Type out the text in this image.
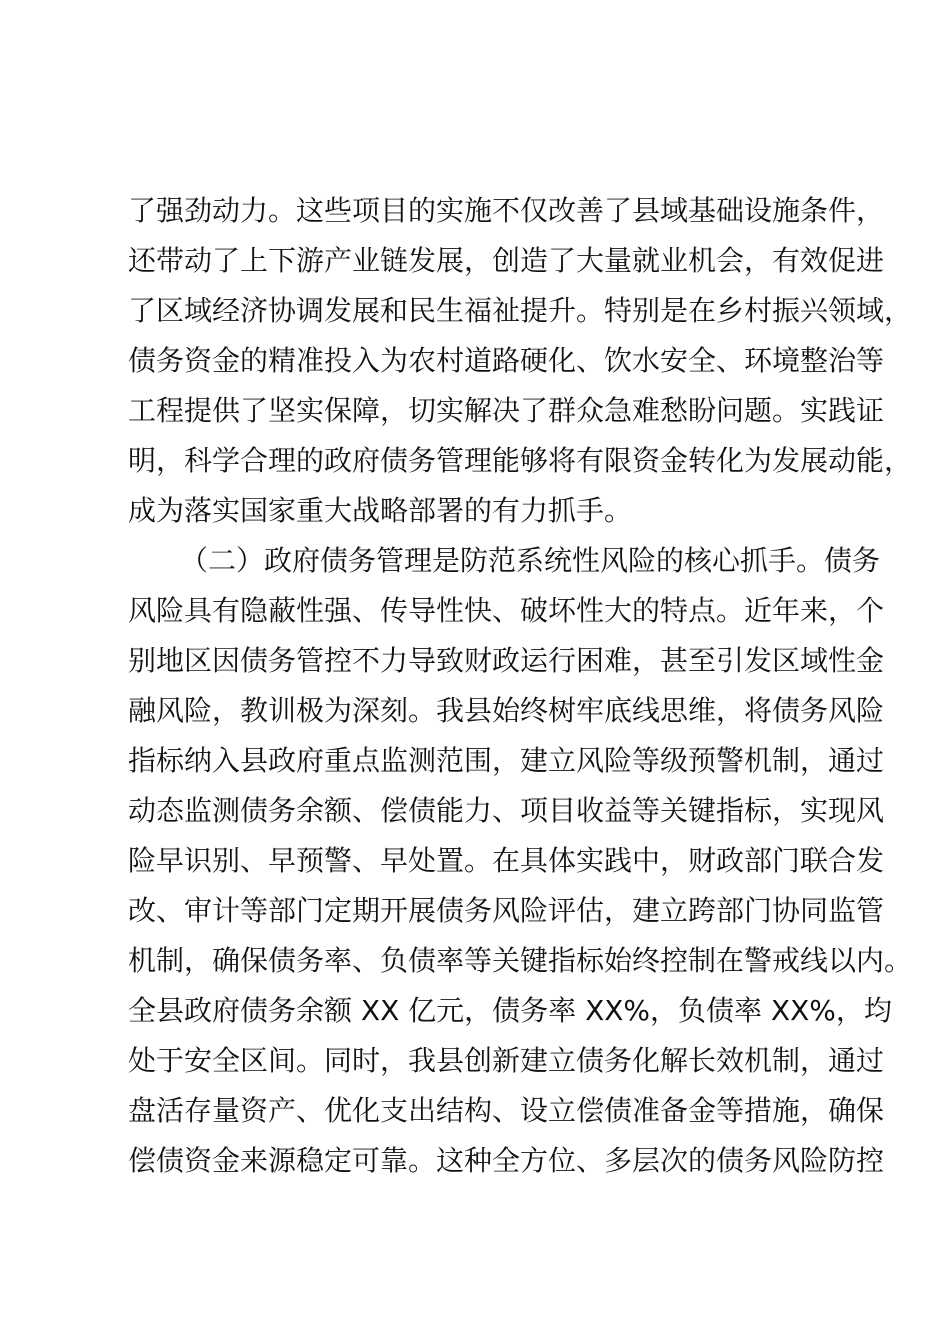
了强劲动力。这些项目的实施不仅改善了县域基础设施条件，
还带动了上下游产业链发展，创造了大量就业机会，有效促进
了区域经济协调发展和民生福祉提升。特别是在乡村振兴领域，
债务资金的精准投入为农村道路硬化、饮水安全、环境整治等
工程提供了坚实保障，切实解决了群众急难愁盼问题。实践证
明，科学合理的政府债务管理能够将有限资金转化为发展动能，
成为落实国家重大战略部署的有力抓手。
（二）政府债务管理是防范系统性风险的核心抓手。债务
风险具有隐蔽性强、传导性快、破坏性大的特点。近年来，个
别地区因债务管控不力导致财政运行困难，甚至引发区域性金
融风险，教训极为深刻。我县始终树牢底线思维，将债务风险
指标纳入县政府重点监测范围，建立风险等级预警机制，通过
动态监测债务余额、偿债能力、项目收益等关键指标，实现风
险早识别、早预警、早处置。在具体实践中，财政部门联合发
改、审计等部门定期开展债务风险评估，建立跨部门协同监管
机制，确保债务率、负债率等关键指标始终控制在警戒线以内。
全县政府债务余额 XX 亿元，债务率 XX%，负债率 XX%，均
处于安全区间。同时，我县创新建立债务化解长效机制，通过
盘活存量资产、优化支出结构、设立偿债准备金等措施，确保
偿债资金来源稳定可靠。这种全方位、多层次的债务风险防控
